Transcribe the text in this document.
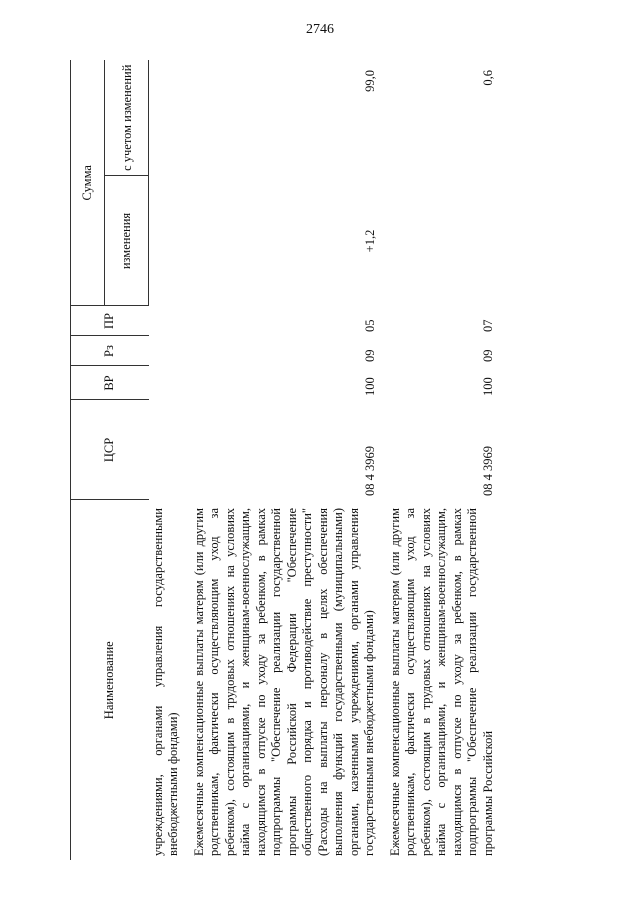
2746
Наименование	ЦСР	ВР	Рз	ПР	Сумма	
					изменения	с учетом изменений
учреждениями, органами управления государственными внебюджетными фондами)						
Ежемесячные компенсационные выплаты матерям (или другим родственникам, фактически осуществляющим уход за ребенком), состоящим в трудовых отношениях на условиях найма с организациями, и женщинам-военнослужащим, находящимся в отпуске по уходу за ребенком, в рамках подпрограммы "Обеспечение реализации государственной программы Российской Федерации "Обеспечение общественного порядка и противодействие преступности" (Расходы на выплаты персоналу в целях обеспечения выполнения функций государственными (муниципальными) органами, казенными учреждениями, органами управления государственными внебюджетными фондами)	08 4 3969	100	09	05	+1,2	99,0
Ежемесячные компенсационные выплаты матерям (или другим родственникам, фактически осуществляющим уход за ребенком), состоящим в трудовых отношениях на условиях найма с организациями, и женщинам-военнослужащим, находящимся в отпуске по уходу за ребенком, в рамках подпрограммы "Обеспечение реализации государственной программы Российской	08 4 3969	100	09	07		0,6
